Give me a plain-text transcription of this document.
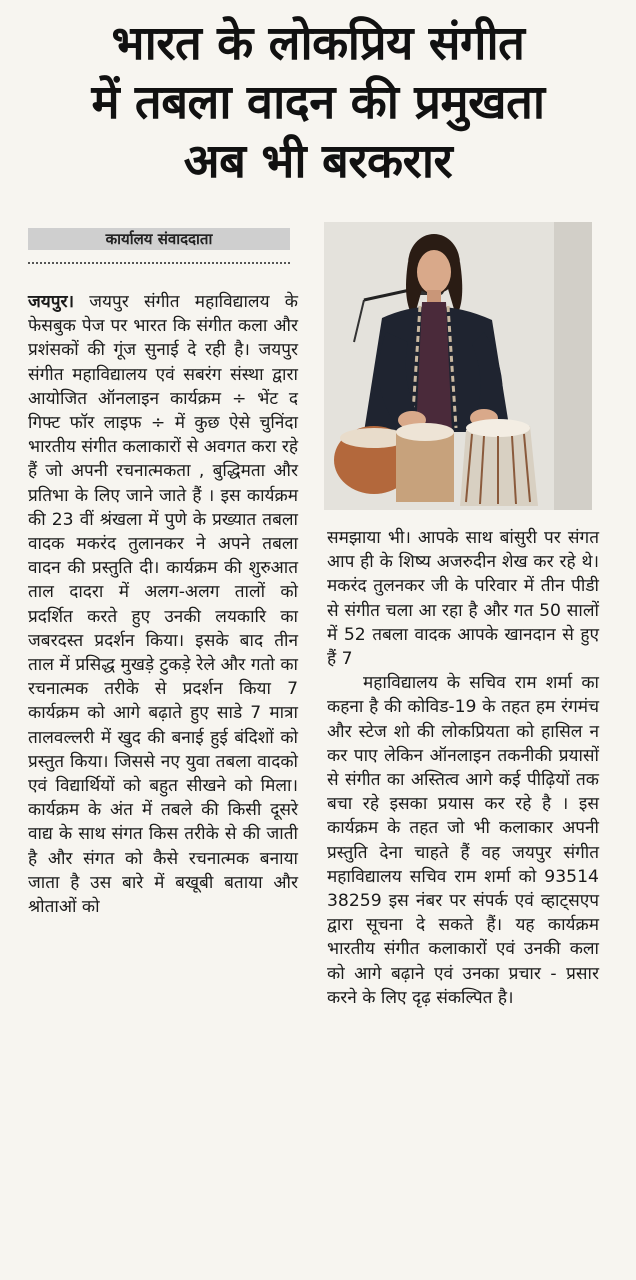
भारत के लोकप्रिय संगीत
में तबला वादन की प्रमुखता
अब भी बरकरार
कार्यालय संवाददाता

जयपुर। जयपुर संगीत महाविद्यालय के फेसबुक पेज पर भारत कि संगीत कला और प्रशंसकों की गूंज सुनाई दे रही है। जयपुर संगीत महाविद्यालय एवं सबरंग संस्था द्वारा आयोजित ऑनलाइन कार्यक्रम ÷ भेंट द गिफ्ट फॉर लाइफ ÷ में कुछ ऐसे चुनिंदा भारतीय संगीत कलाकारों से अवगत करा रहे हैं जो अपनी रचनात्मकता , बुद्धिमता और प्रतिभा के लिए जाने जाते हैं । इस कार्यक्रम की 23 वीं श्रंखला में पुणे के प्रख्यात तबला वादक मकरंद तुलानकर ने अपने तबला वादन की प्रस्तुति दी। कार्यक्रम की शुरुआत ताल दादरा में अलग-अलग तालों को प्रदर्शित करते हुए उनकी लयकारि का जबरदस्त प्रदर्शन किया। इसके बाद तीन ताल में प्रसिद्ध मुखड़े टुकड़े रेले और गतो का रचनात्मक तरीके से प्रदर्शन किया 7 कार्यक्रम को आगे बढ़ाते हुए साडे 7 मात्रा तालवल्लरी में खुद की बनाई हुई बंदिशों को प्रस्तुत किया। जिससे नए युवा तबला वादको एवं विद्यार्थियों को बहुत सीखने को मिला। कार्यक्रम के अंत में तबले की किसी दूसरे वाद्य के साथ संगत किस तरीके से की जाती है और संगत को कैसे रचनात्मक बनाया जाता है उस बारे में बखूबी बताया और श्रोताओं को

समझाया भी। आपके साथ बांसुरी पर संगत आप ही के शिष्य अजरुदीन शेख कर रहे थे। मकरंद तुलनकर जी के परिवार में तीन पीडी से संगीत चला आ रहा है और गत 50 सालों में 52 तबला वादक आपके खानदान से हुए हैं 7

महाविद्यालय के सचिव राम शर्मा का कहना है की कोविड-19 के तहत हम रंगमंच और स्टेज शो की लोकप्रियता को हासिल न कर पाए लेकिन ऑनलाइन तकनीकी प्रयासों से संगीत का अस्तित्व आगे कई पीढ़ियों तक बचा रहे इसका प्रयास कर रहे है । इस कार्यक्रम के तहत जो भी कलाकार अपनी प्रस्तुति देना चाहते हैं वह जयपुर संगीत महाविद्यालय सचिव राम शर्मा को 93514 38259 इस नंबर पर संपर्क एवं व्हाट्सएप द्वारा सूचना दे सकते हैं। यह कार्यक्रम भारतीय संगीत कलाकारों एवं उनकी कला को आगे बढ़ाने एवं उनका प्रचार - प्रसार करने के लिए दृढ़ संकल्पित है।
